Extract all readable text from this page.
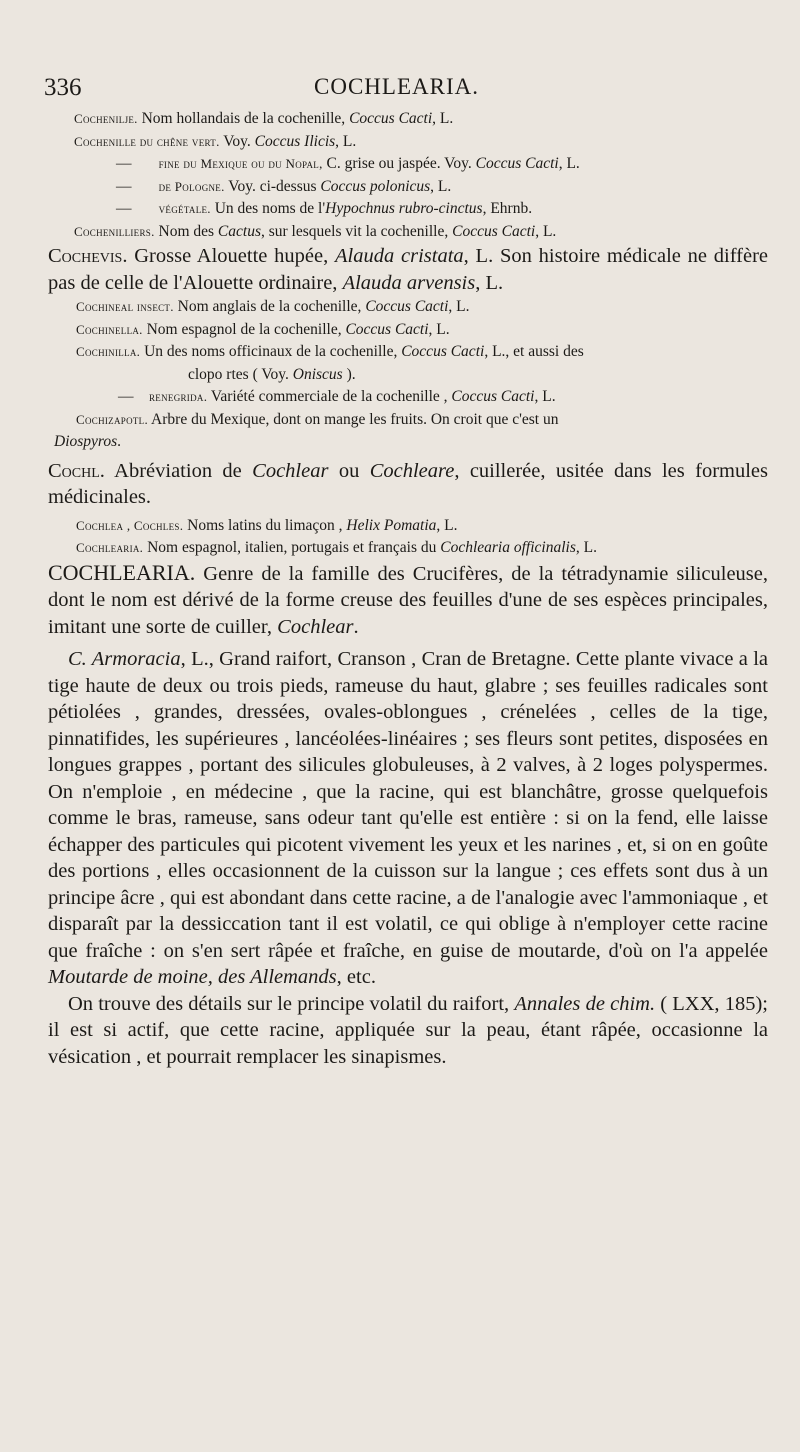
336	COCHLEARIA.

Cochenilje. Nom hollandais de la cochenille, Coccus Cacti, L.

Cochenille du chêne vert. Voy. Coccus Ilicis, L.

— fine du Mexique ou du Nopal, C. grise ou jaspée. Voy. Coccus Cacti, L.

— de Pologne. Voy. ci-dessus Coccus polonicus, L.

— végétale. Un des noms de l'Hypochnus rubro-cinctus, Ehrnb.

Cochenilliers. Nom des Cactus, sur lesquels vit la cochenille, Coccus Cacti, L.

Cochevis. Grosse Alouette hupée, Alauda cristata, L. Son histoire médicale ne diffère pas de celle de l'Alouette ordinaire, Alauda arvensis, L.

Cochineal insect. Nom anglais de la cochenille, Coccus Cacti, L.

Cochinella. Nom espagnol de la cochenille, Coccus Cacti, L.

Cochinilla. Un des noms officinaux de la cochenille, Coccus Cacti, L., et aussi des

clopo rtes ( Voy. Oniscus ).

— renegrida. Variété commerciale de la cochenille , Coccus Cacti, L.

Cochizapotl. Arbre du Mexique, dont on mange les fruits. On croit que c'est un

Diospyros.

Cochl. Abréviation de Cochlear ou Cochleare, cuillerée, usitée dans les formules médicinales.

Cochlea , Cochles. Noms latins du limaçon , Helix Pomatia, L.

Cochlearia. Nom espagnol, italien, portugais et français du Cochlearia officinalis, L.

COCHLEARIA. Genre de la famille des Crucifères, de la tétradynamie siliculeuse, dont le nom est dérivé de la forme creuse des feuilles d'une de ses espèces principales, imitant une sorte de cuiller, Cochlear.

C. Armoracia, L., Grand raifort, Cranson , Cran de Bretagne. Cette plante vivace a la tige haute de deux ou trois pieds, rameuse du haut, glabre ; ses feuilles radicales sont pétiolées , grandes, dressées, ovales-oblongues , crénelées , celles de la tige, pinnatifides, les supérieures , lancéolées-linéaires ; ses fleurs sont petites, disposées en longues grappes , portant des silicules globuleuses, à 2 valves, à 2 loges polyspermes. On n'emploie , en médecine , que la racine, qui est blanchâtre, grosse quelquefois comme le bras, rameuse, sans odeur tant qu'elle est entière : si on la fend, elle laisse échapper des particules qui picotent vivement les yeux et les narines , et, si on en goûte des portions , elles occasionnent de la cuisson sur la langue ; ces effets sont dus à un principe âcre , qui est abondant dans cette racine, a de l'analogie avec l'ammoniaque , et disparaît par la dessiccation tant il est volatil, ce qui oblige à n'employer cette racine que fraîche : on s'en sert râpée et fraîche, en guise de moutarde, d'où on l'a appelée Moutarde de moine, des Allemands, etc.

On trouve des détails sur le principe volatil du raifort, Annales de chim. ( LXX, 185); il est si actif, que cette racine, appliquée sur la peau, étant râpée, occasionne la vésication , et pourrait remplacer les sinapismes.
